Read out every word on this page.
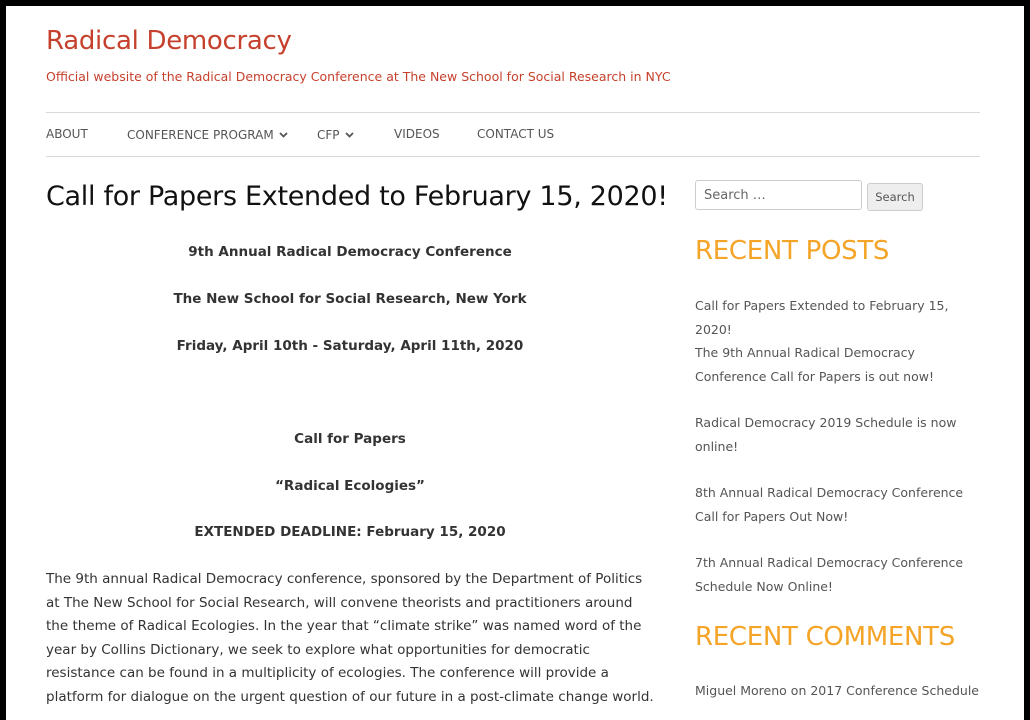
Radical Democracy

Official website of the Radical Democracy Conference at The New School for Social Research in NYC

ABOUT	CONFERENCE PROGRAM	CFP	VIDEOS	CONTACT US
Call for Papers Extended to February 15, 2020!

9th Annual Radical Democracy Conference

The New School for Social Research, New York

Friday, April 10th - Saturday, April 11th, 2020

Call for Papers

“Radical Ecologies”

EXTENDED DEADLINE: February 15, 2020

The 9th annual Radical Democracy conference, sponsored by the Department of Politics at The New School for Social Research, will convene theorists and practitioners around the theme of Radical Ecologies. In the year that “climate strike” was named word of the year by Collins Dictionary, we seek to explore what opportunities for democratic resistance can be found in a multiplicity of ecologies. The conference will provide a platform for dialogue on the urgent question of our future in a post-climate change world.

Search …
Search
RECENT POSTS
Call for Papers Extended to February 15, 2020!
The 9th Annual Radical Democracy Conference Call for Papers is out now!
Radical Democracy 2019 Schedule is now online!
8th Annual Radical Democracy Conference Call for Papers Out Now!
7th Annual Radical Democracy Conference Schedule Now Online!
RECENT COMMENTS
Miguel Moreno on 2017 Conference Schedule
